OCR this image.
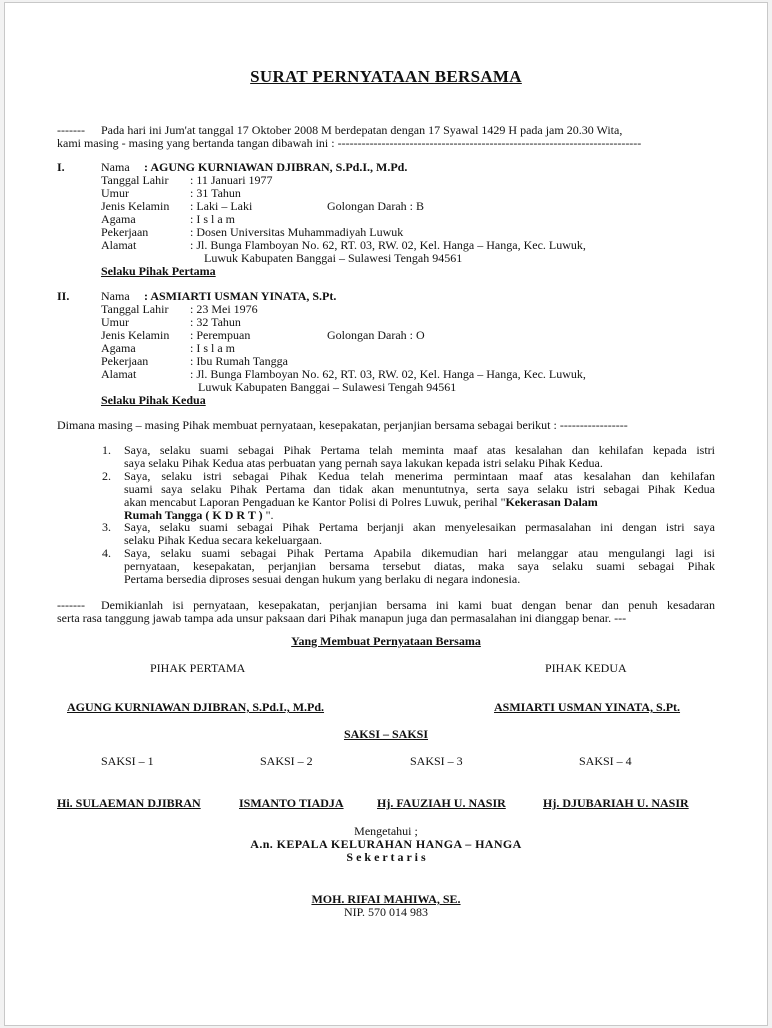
SURAT PERNYATAAN BERSAMA
------- Pada hari ini Jum'at tanggal 17 Oktober 2008 M berdepatan dengan 17 Syawal 1429 H pada jam 20.30 Wita,
kami masing - masing yang bertanda tangan dibawah ini : ----------------------------------------------------------------------------
I.	Nama : AGUNG KURNIAWAN DJIBRAN, S.Pd.I., M.Pd.
Tanggal Lahir : 11 Januari 1977
Umur	: 31 Tahun
Jenis Kelamin : Laki – Laki	Golongan Darah : B
Agama	: I s l a m
Pekerjaan	: Dosen Universitas Muhammadiyah Luwuk
Alamat	: Jl. Bunga Flamboyan No. 62, RT. 03, RW. 02, Kel. Hanga – Hanga, Kec. Luwuk,
Luwuk Kabupaten Banggai – Sulawesi Tengah 94561
Selaku Pihak Pertama
II.	Nama : ASMIARTI USMAN YINATA, S.Pt.
Tanggal Lahir : 23 Mei 1976
Umur	: 32 Tahun
Jenis Kelamin : Perempuan	Golongan Darah : O
Agama	: I s l a m
Pekerjaan	: Ibu Rumah Tangga
Alamat	: Jl. Bunga Flamboyan No. 62, RT. 03, RW. 02, Kel. Hanga – Hanga, Kec. Luwuk,
Luwuk Kabupaten Banggai – Sulawesi Tengah 94561
Selaku Pihak Kedua
Dimana masing – masing Pihak membuat pernyataan, kesepakatan, perjanjian bersama sebagai berikut : -----------------
1. Saya, selaku suami sebagai Pihak Pertama telah meminta maaf atas kesalahan dan kehilafan kepada istri
saya selaku Pihak Kedua atas perbuatan yang pernah saya lakukan kepada istri selaku Pihak Kedua.
2. Saya, selaku istri sebagai Pihak Kedua telah menerima permintaan maaf atas kesalahan dan kehilafan
suami saya selaku Pihak Pertama dan tidak akan menuntutnya, serta saya selaku istri sebagai Pihak Kedua
akan mencabut Laporan Pengaduan ke Kantor Polisi di Polres Luwuk, perihal "Kekerasan Dalam
Rumah Tangga ( K D R T ) ".
3. Saya, selaku suami sebagai Pihak Pertama berjanji akan menyelesaikan permasalahan ini dengan istri saya
selaku Pihak Kedua secara kekeluargaan.
4. Saya, selaku suami sebagai Pihak Pertama Apabila dikemudian hari melanggar atau mengulangi lagi isi
pernyataan, kesepakatan, perjanjian bersama tersebut diatas, maka saya selaku suami sebagai Pihak
Pertama bersedia diproses sesuai dengan hukum yang berlaku di negara indonesia.
------- Demikianlah isi pernyataan, kesepakatan, perjanjian bersama ini kami buat dengan benar dan penuh kesadaran
serta rasa tanggung jawab tampa ada unsur paksaan dari Pihak manapun juga dan permasalahan ini dianggap benar. ---
Yang Membuat Pernyataan Bersama
PIHAK PERTAMA	PIHAK KEDUA
AGUNG KURNIAWAN DJIBRAN, S.Pd.I., M.Pd.	ASMIARTI USMAN YINATA, S.Pt.
SAKSI – SAKSI
SAKSI – 1	SAKSI – 2	SAKSI – 3	SAKSI – 4
Hi. SULAEMAN DJIBRAN	ISMANTO TIADJA	Hj. FAUZIAH U. NASIR	Hj. DJUBARIAH U. NASIR
Mengetahui ;
A.n. KEPALA KELURAHAN HANGA – HANGA
S e k e r t a r i s
MOH. RIFAI MAHIWA, SE.
NIP. 570 014 983
